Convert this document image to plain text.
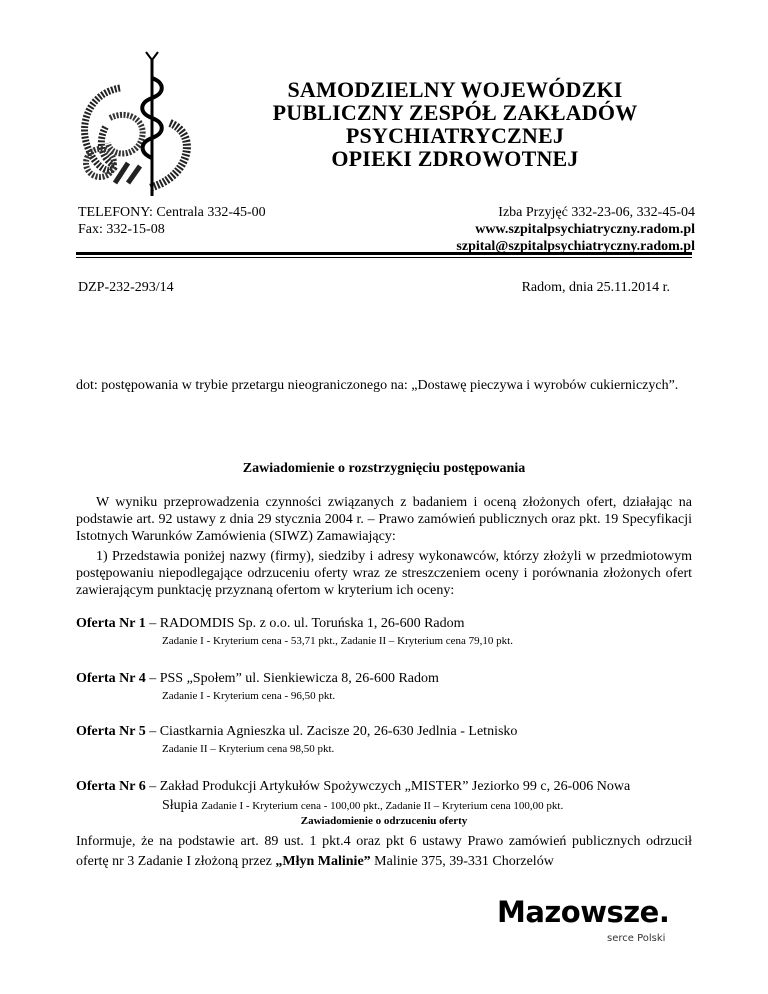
SAMODZIELNY WOJEWÓDZKI
PUBLICZNY ZESPÓŁ ZAKŁADÓW
PSYCHIATRYCZNEJ
OPIEKI ZDROWOTNEJ
TELEFONY: Centrala 332-45-00
Fax: 332-15-08
Izba Przyjęć 332-23-06, 332-45-04
www.szpitalpsychiatryczny.radom.pl
szpital@szpitalpsychiatryczny.radom.pl
DZP-232-293/14	Radom, dnia 25.11.2014 r.
dot: postępowania w trybie przetargu nieograniczonego na: „Dostawę pieczywa i wyrobów cukierniczych”.
Zawiadomienie o rozstrzygnięciu postępowania
W wyniku przeprowadzenia czynności związanych z badaniem i oceną złożonych ofert, działając na podstawie art. 92 ustawy z dnia 29 stycznia 2004 r. – Prawo zamówień publicznych oraz pkt. 19 Specyfikacji Istotnych Warunków Zamówienia (SIWZ) Zamawiający:
1) Przedstawia poniżej nazwy (firmy), siedziby i adresy wykonawców, którzy złożyli w przedmiotowym postępowaniu niepodlegające odrzuceniu oferty wraz ze streszczeniem oceny i porównania złożonych ofert zawierającym punktację przyznaną ofertom w kryterium ich oceny:
Oferta Nr 1 – RADOMDIS Sp. z o.o. ul. Toruńska 1, 26-600 Radom
Zadanie I - Kryterium cena - 53,71 pkt., Zadanie II – Kryterium cena 79,10 pkt.
Oferta Nr 4 – PSS „Społem” ul. Sienkiewicza 8, 26-600 Radom
Zadanie I - Kryterium cena - 96,50 pkt.
Oferta Nr 5 – Ciastkarnia Agnieszka ul. Zacisze 20, 26-630 Jedlnia - Letnisko
Zadanie II – Kryterium cena 98,50 pkt.
Oferta Nr 6 – Zakład Produkcji Artykułów Spożywczych „MISTER” Jeziorko 99 c, 26-006 Nowa
Słupia Zadanie I - Kryterium cena - 100,00 pkt., Zadanie II – Kryterium cena 100,00 pkt.
Zawiadomienie o odrzuceniu oferty
Informuje, że na podstawie art. 89 ust. 1 pkt.4 oraz pkt 6 ustawy Prawo zamówień publicznych odrzucił ofertę nr 3 Zadanie I złożoną przez „Młyn Malinie” Malinie 375, 39-331 Chorzelów
Mazowsze.
serce Polski
